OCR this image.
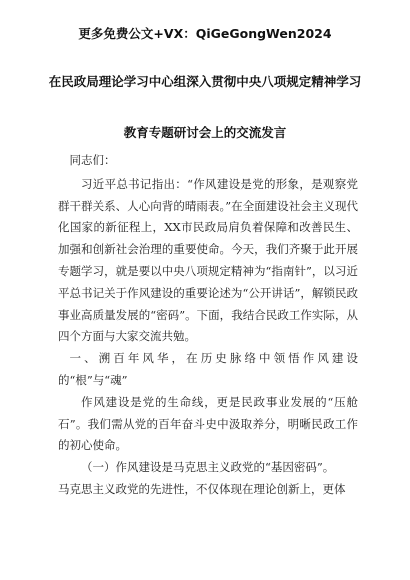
更多免费公文+VX：QiGeGongWen2024
在民政局理论学习中心组深入贯彻中央八项规定精神学习
教育专题研讨会上的交流发言

同志们：

习近平总书记指出：“作风建设是党的形象，是观察党群干群关系、人心向背的晴雨表。”在全面建设社会主义现代化国家的新征程上，XX市民政局肩负着保障和改善民生、加强和创新社会治理的重要使命。今天，我们齐聚于此开展专题学习，就是要以中央八项规定精神为“指南针”，以习近平总书记关于作风建设的重要论述为“公开讲话”，解锁民政事业高质量发展的“密码”。下面，我结合民政工作实际，从四个方面与大家交流共勉。

一、溯百年风华，在历史脉络中领悟作风建设的“根”与“魂”

作风建设是党的生命线，更是民政事业发展的“压舱石”。我们需从党的百年奋斗史中汲取养分，明晰民政工作的初心使命。

（一）作风建设是马克思主义政党的“基因密码”。

马克思主义政党的先进性，不仅体现在理论创新上，更体
